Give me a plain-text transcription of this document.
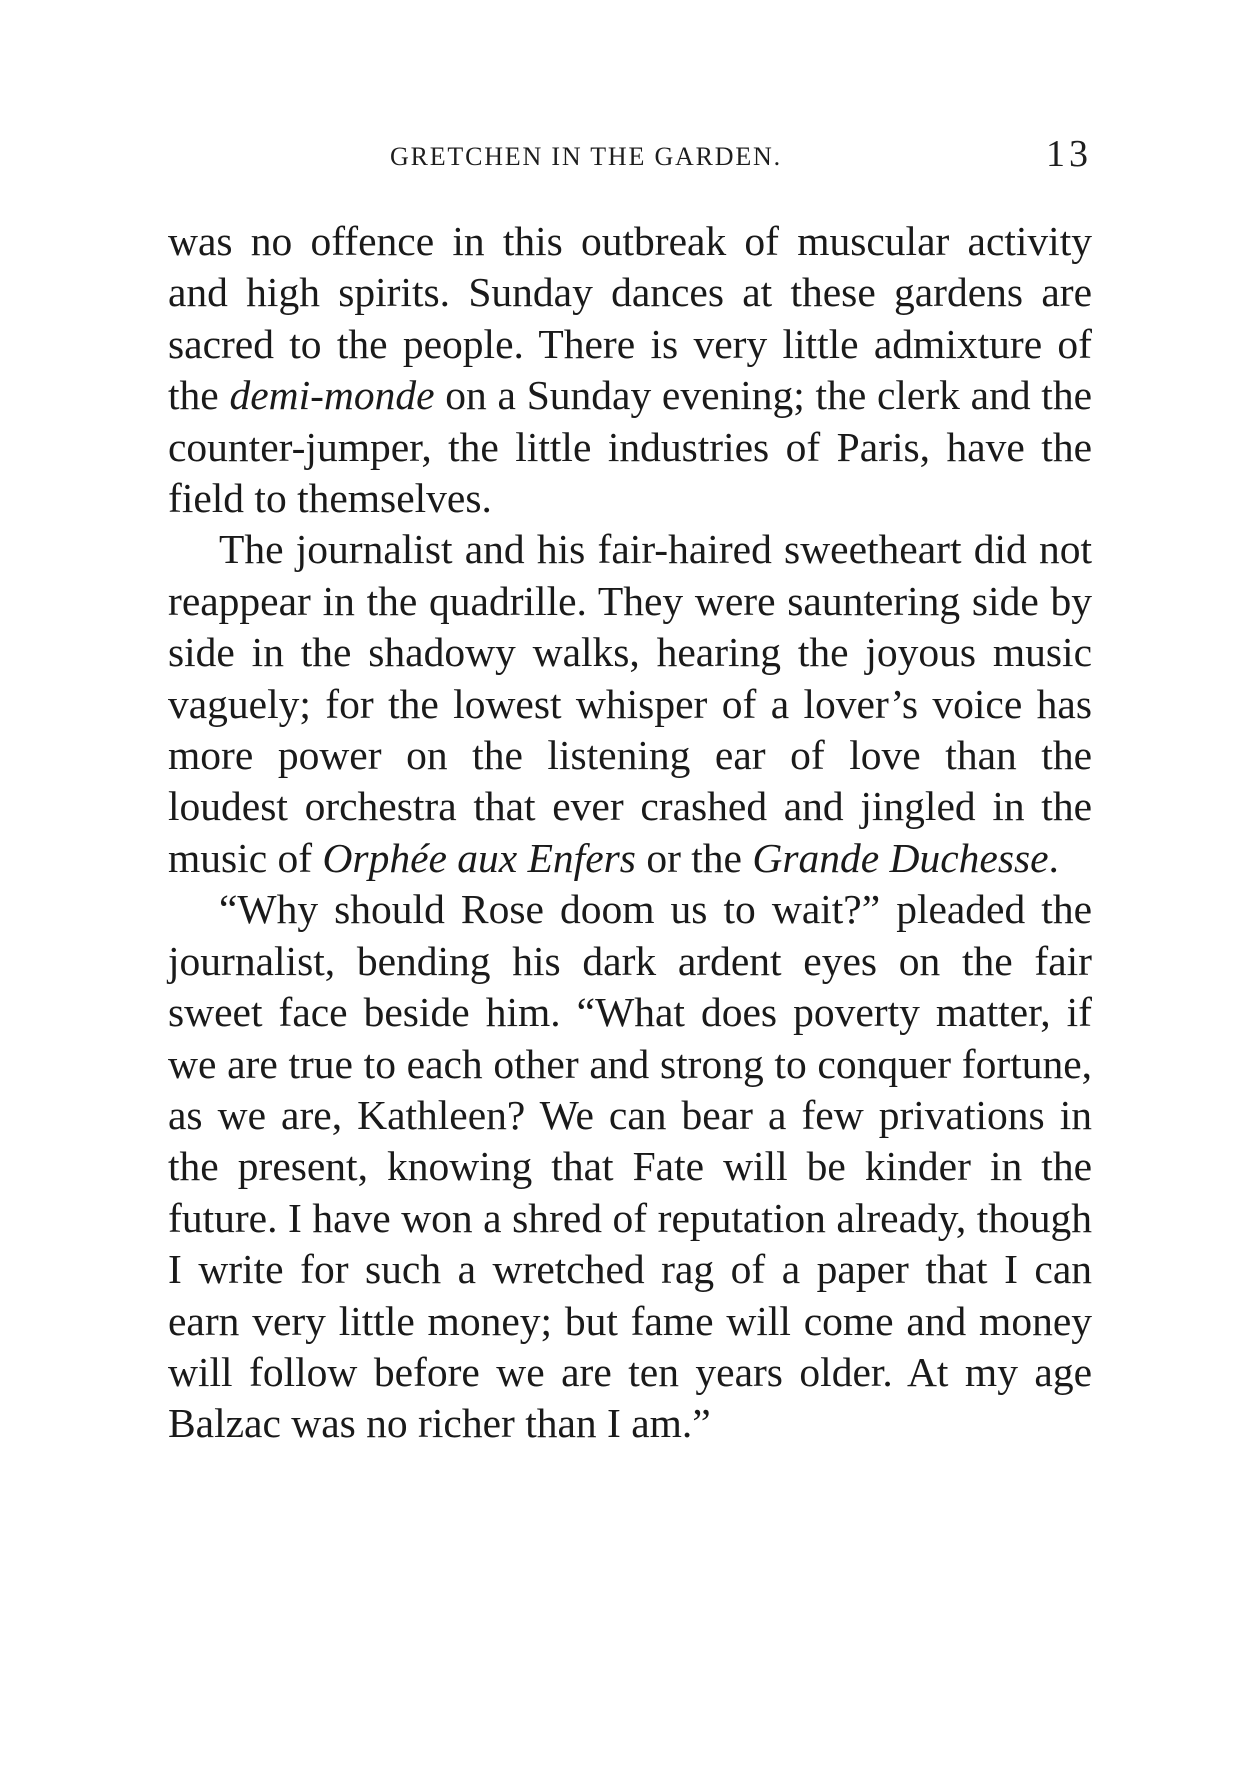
GRETCHEN IN THE GARDEN.	13

was no offence in this outbreak of muscular activity and high spirits. Sunday dances at these gardens are sacred to the people. There is very little admixture of the demi-monde on a Sunday evening; the clerk and the counter-jumper, the little industries of Paris, have the field to themselves.

The journalist and his fair-haired sweetheart did not reappear in the quadrille. They were sauntering side by side in the shadowy walks, hearing the joyous music vaguely; for the lowest whisper of a lover’s voice has more power on the listening ear of love than the loudest orchestra that ever crashed and jingled in the music of Orphée aux Enfers or the Grande Duchesse.

“Why should Rose doom us to wait?” pleaded the journalist, bending his dark ardent eyes on the fair sweet face beside him. “What does poverty matter, if we are true to each other and strong to conquer fortune, as we are, Kathleen? We can bear a few privations in the present, knowing that Fate will be kinder in the future. I have won a shred of reputation already, though I write for such a wretched rag of a paper that I can earn very little money; but fame will come and money will follow before we are ten years older. At my age Balzac was no richer than I am.”
